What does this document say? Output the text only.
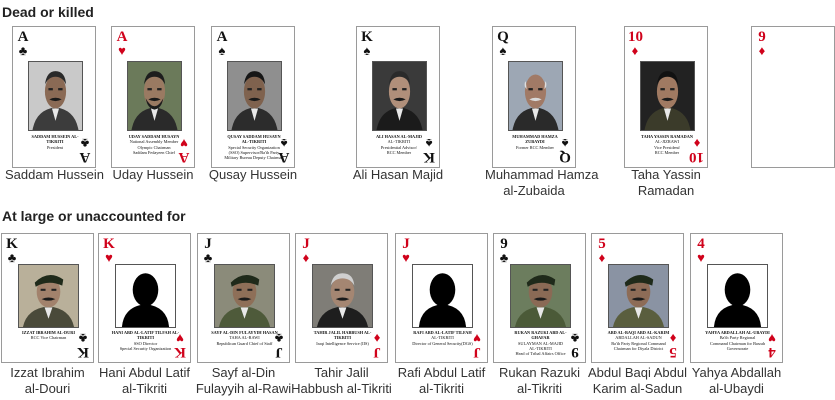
Dead or killed
A
♣
A
♣
SADDAM HUSSEIN AL-TIKRITI
President
Saddam Hussein
A
♥
A
♥
UDAY SADDAM HUSAYN
National Assembly Member
Olympic Chairman
Saddam Fedayeen Chief
Uday Hussein
A
♠
A
♠
QUSAY SADDAM HUSAYN AL-TIKRITI
Special Security Organization
(SSO) Supervisor/Ba'th Party
Military Bureau Deputy Chairman
Qusay Hussein
K
♠
K
♠
ALI HASAN AL-MAJID
AL-TIKRITI
Presidential Advisor/
RCC Member
Ali Hasan Majid
Q
♠
Q
♠
MUHAMMAD HAMZA ZUBAYDI
Former RCC Member
Muhammad Hamza
al-Zubaida
10
♦
10
♦
TAHA YASSIN RAMADAN
AL-JIZRAWI
Vice President/
RCC Member
Taha Yassin
Ramadan
9
♦
At large or unaccounted for
K
♣
K
♣
IZZAT IBRAHIM AL-DURI
RCC Vice Chairman
Izzat Ibrahim
al-Douri
K
♥
K
♥
HANI ABD AL-LATIF TILFAH AL-TIKRITI
SSO Director
Special Security Organization
Hani Abdul Latif
al-Tikriti
J
♣
J
♣
SAYF AL-DIN FULAYYIH HASAN
TAHA AL-RAWI
Republican Guard Chief of Staff
Sayf al-Din
Fulayyih al-Rawi
J
♦
J
♦
TAHIR JALIL HABBUSH AL-TIKRITI
Iraqi Intelligence Service (IIS)
Tahir Jalil
Habbush al-Tikriti
J
♥
J
♥
RAFI ABD AL-LATIF TILFAH
AL-TIKRITI
Director of General Security(DGS)
Rafi Abdul Latif
al-Tikriti
9
♣
9
♣
RUKAN RAZUKI ABD AL-GHAFAR
SULAYMAN AL-MAJID
AL-TIKRITI
Head of Tribal Affairs Office
Rukan Razuki
al-Tikriti
5
♦
5
♦
ABD AL-BAQI ABD AL-KARIM
ABDALLAH AL-SADUN
Ba'th Party Regional Command
Chairman for Diyala District
Abdul Baqi Abdul
Karim al-Sadun
4
♥
4
♥
YAHYA ABDALLAH AL-UBAYDI
Ba'th Party Regional
Command Chairman for Basrah
Governorate
Yahya Abdallah
al-Ubaydi
